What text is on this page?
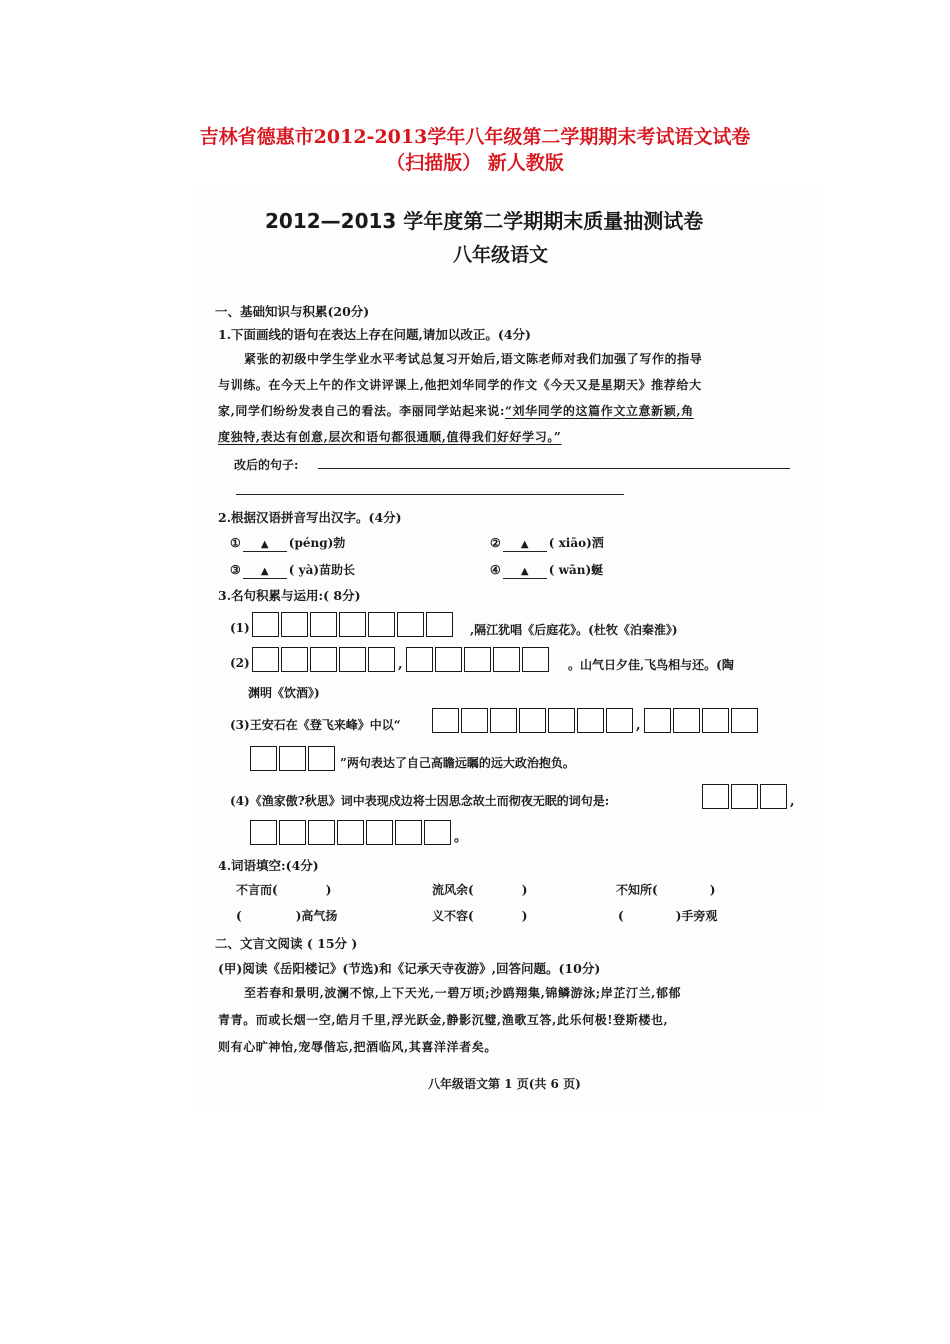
吉林省德惠市2012-2013学年八年级第二学期期末考试语文试卷
（扫描版） 新人教版
2012—2013 学年度第二学期期末质量抽测试卷
八年级语文
一、基础知识与积累(20分)
1.下面画线的语句在表达上存在问题,请加以改正。(4分)
紧张的初级中学生学业水平考试总复习开始后,语文陈老师对我们加强了写作的指导
与训练。在今天上午的作文讲评课上,他把刘华同学的作文《今天又是星期天》推荐给大
家,同学们纷纷发表自己的看法。李丽同学站起来说:“刘华同学的这篇作文立意新颖,角
度独特,表达有创意,层次和语句都很通顺,值得我们好好学习。”
改后的句子:
2.根据汉语拼音写出汉字。(4分)
① ▲ (péng)勃	② ▲ ( xiāo)洒
③ ▲ ( yà)苗助长	④ ▲ ( wān)蜒
3.名句积累与运用:( 8分)
(1)	,隔江犹唱《后庭花》。(杜牧《泊秦淮》)
(2)	,	。山气日夕佳,飞鸟相与还。(陶
渊明《饮酒》)
(3)王安石在《登飞来峰》中以“	,
”两句表达了自己高瞻远瞩的远大政治抱负。
(4)《渔家傲?秋思》词中表现戍边将士因思念故土而彻夜无眠的词句是:	,
。
4.词语填空:(4分)
不言而(	)	流风余(	)	不知所(	)
(	)高气扬	义不容(	)	(	)手旁观
二、文言文阅读 ( 15分 )
(甲)阅读《岳阳楼记》(节选)和《记承天寺夜游》,回答问题。(10分)
至若春和景明,波澜不惊,上下天光,一碧万顷;沙鸥翔集,锦鳞游泳;岸芷汀兰,郁郁
青青。而或长烟一空,皓月千里,浮光跃金,静影沉璧,渔歌互答,此乐何极!登斯楼也,
则有心旷神怡,宠辱偕忘,把酒临风,其喜洋洋者矣。
八年级语文第 1 页(共 6 页)
